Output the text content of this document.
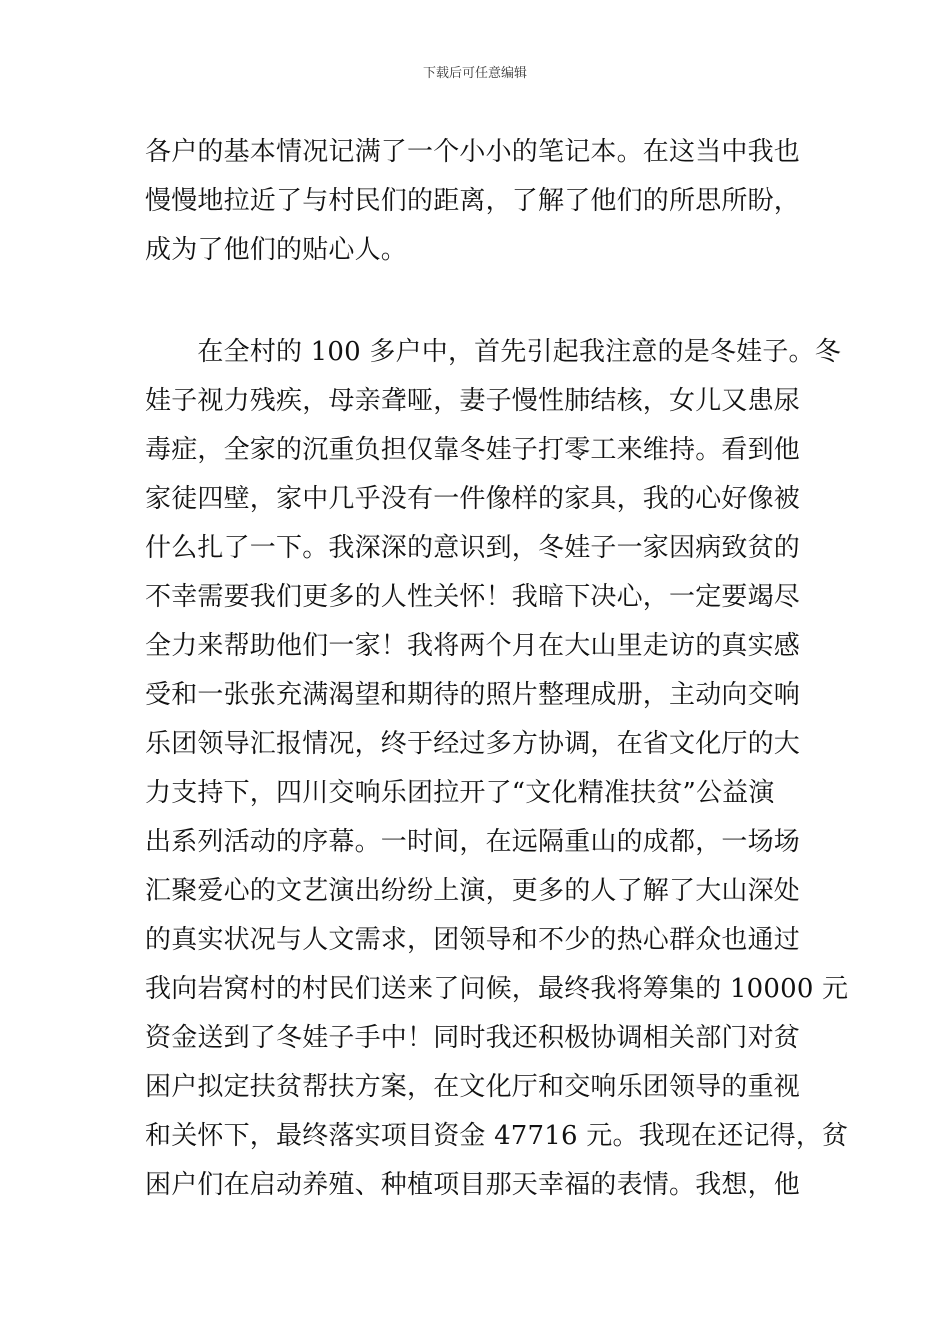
下载后可任意编辑
各户的基本情况记满了一个小小的笔记本。在这当中我也
慢慢地拉近了与村民们的距离，了解了他们的所思所盼，
成为了他们的贴心人。
　　在全村的 100 多户中，首先引起我注意的是冬娃子。冬
娃子视力残疾，母亲聋哑，妻子慢性肺结核，女儿又患尿
毒症，全家的沉重负担仅靠冬娃子打零工来维持。看到他
家徒四壁，家中几乎没有一件像样的家具，我的心好像被
什么扎了一下。我深深的意识到，冬娃子一家因病致贫的
不幸需要我们更多的人性关怀！我暗下决心，一定要竭尽
全力来帮助他们一家！我将两个月在大山里走访的真实感
受和一张张充满渴望和期待的照片整理成册，主动向交响
乐团领导汇报情况，终于经过多方协调，在省文化厅的大
力支持下，四川交响乐团拉开了“文化精准扶贫”公益演
出系列活动的序幕。一时间，在远隔重山的成都，一场场
汇聚爱心的文艺演出纷纷上演，更多的人了解了大山深处
的真实状况与人文需求，团领导和不少的热心群众也通过
我向岩窝村的村民们送来了问候，最终我将筹集的 10000 元
资金送到了冬娃子手中！同时我还积极协调相关部门对贫
困户拟定扶贫帮扶方案，在文化厅和交响乐团领导的重视
和关怀下，最终落实项目资金 47716 元。我现在还记得，贫
困户们在启动养殖、种植项目那天幸福的表情。我想，他
